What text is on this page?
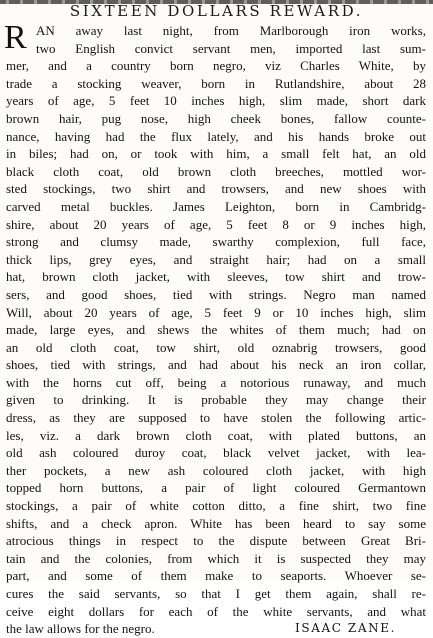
SIXTEEN DOLLARS REWARD.
R AN away last night, from Marlborough iron works,
two English convict servant men, imported last sum-
mer, and a country born negro, viz Charles White, by
trade a stocking weaver, born in Rutlandshire, about 28
years of age, 5 feet 10 inches high, slim made, short dark
brown hair, pug nose, high cheek bones, fallow counte-
nance, having had the flux lately, and his hands broke out
in biles; had on, or took with him, a small felt hat, an old
black cloth coat, old brown cloth breeches, mottled wor-
sted stockings, two shirt and trowsers, and new shoes with
carved metal buckles. James Leighton, born in Cambridg-
shire, about 20 years of age, 5 feet 8 or 9 inches high,
strong and clumsy made, swarthy complexion, full face,
thick lips, grey eyes, and straight hair; had on a small
hat, brown cloth jacket, with sleeves, tow shirt and trow-
sers, and good shoes, tied with strings. Negro man named
Will, about 20 years of age, 5 feet 9 or 10 inches high, slim
made, large eyes, and shews the whites of them much; had on
an old cloth coat, tow shirt, old oznabrig trowsers, good
shoes, tied with strings, and had about his neck an iron collar,
with the horns cut off, being a notorious runaway, and much
given to drinking. It is probable they may change their
dress, as they are supposed to have stolen the following artic-
les, viz. a dark brown cloth coat, with plated buttons, an
old ash coloured duroy coat, black velvet jacket, with lea-
ther pockets, a new ash coloured cloth jacket, with high
topped horn buttons, a pair of light coloured Germantown
stockings, a pair of white cotton ditto, a fine shirt, two fine
shifts, and a check apron. White has been heard to say some
atrocious things in respect to the dispute between Great Bri-
tain and the colonies, from which it is suspected they may
part, and some of them make to seaports. Whoever se-
cures the said servants, so that I get them again, shall re-
ceive eight dollars for each of the white servants, and what
the law allows for the negro.	ISAAC ZANE.
